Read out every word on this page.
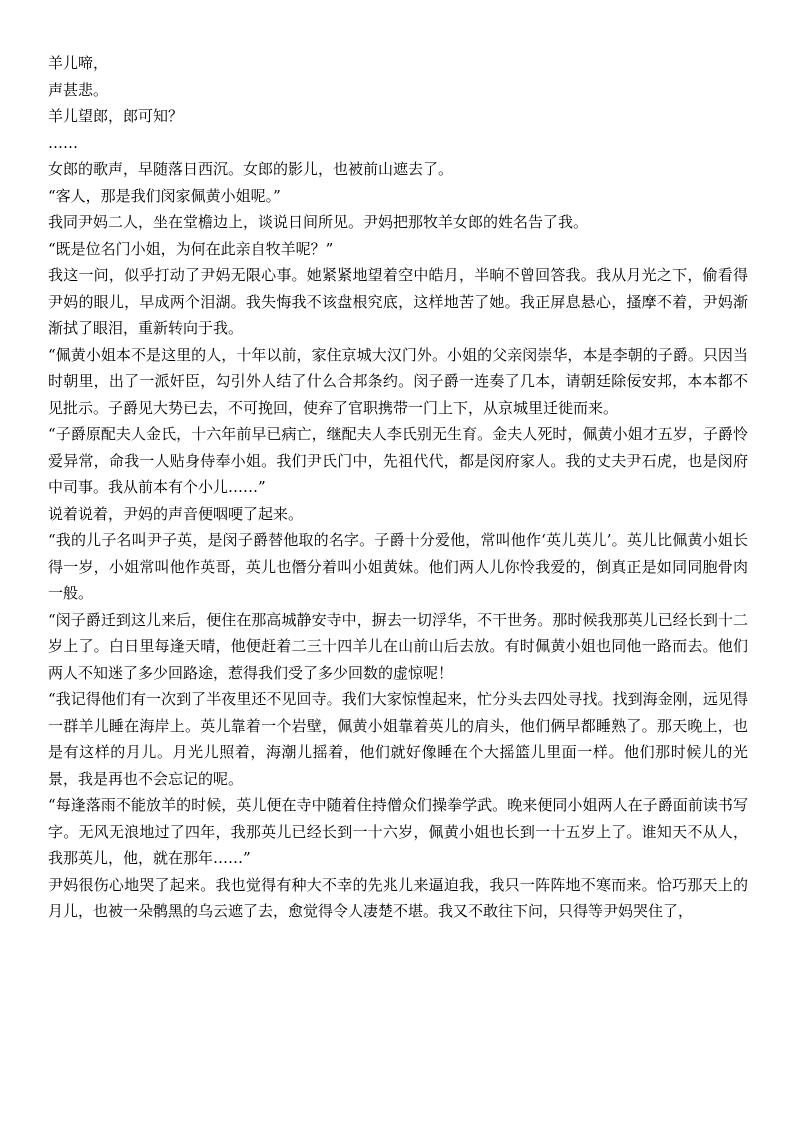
羊儿啼，

声甚悲。

羊儿望郎，郎可知？

……

女郎的歌声，早随落日西沉。女郎的影儿，也被前山遮去了。

“客人，那是我们闵家佩黄小姐呢。”

我同尹妈二人，坐在堂檐边上，谈说日间所见。尹妈把那牧羊女郎的姓名告了我。

“既是位名门小姐，为何在此亲自牧羊呢？”

我这一问，似乎打动了尹妈无限心事。她紧紧地望着空中皓月，半晌不曾回答我。我从月光之下，偷看得尹妈的眼儿，早成两个泪湖。我失悔我不该盘根究底，这样地苦了她。我正屏息悬心，搔摩不着，尹妈渐渐拭了眼泪，重新转向于我。

“佩黄小姐本不是这里的人，十年以前，家住京城大汉门外。小姐的父亲闵崇华，本是李朝的子爵。只因当时朝里，出了一派奸臣，勾引外人结了什么合邦条约。闵子爵一连奏了几本，请朝廷除佞安邦，本本都不见批示。子爵见大势已去，不可挽回，使弃了官职携带一门上下，从京城里迁徙而来。

“子爵原配夫人金氏，十六年前早已病亡，继配夫人李氏别无生育。金夫人死时，佩黄小姐才五岁，子爵怜爱异常，命我一人贴身侍奉小姐。我们尹氏门中，先祖代代，都是闵府家人。我的丈夫尹石虎，也是闵府中司事。我从前本有个小儿……”

说着说着，尹妈的声音便咽哽了起来。

“我的儿子名叫尹子英，是闵子爵替他取的名字。子爵十分爱他，常叫他作‘英儿英儿’。英儿比佩黄小姐长得一岁，小姐常叫他作英哥，英儿也僭分着叫小姐黄妹。他们两人儿你怜我爱的，倒真正是如同同胞骨肉一般。

“闵子爵迁到这儿来后，便住在那高城静安寺中，摒去一切浮华，不干世务。那时候我那英儿已经长到十二岁上了。白日里每逢天晴，他便赶着二三十四羊儿在山前山后去放。有时佩黄小姐也同他一路而去。他们两人不知迷了多少回路途，惹得我们受了多少回数的虚惊呢！

“我记得他们有一次到了半夜里还不见回寺。我们大家惊惶起来，忙分头去四处寻找。找到海金刚，远见得一群羊儿睡在海岸上。英儿靠着一个岩壁，佩黄小姐靠着英儿的肩头，他们俩早都睡熟了。那天晚上，也是有这样的月儿。月光儿照着，海潮儿摇着，他们就好像睡在个大摇篮儿里面一样。他们那时候儿的光景，我是再也不会忘记的呢。

“每逢落雨不能放羊的时候，英儿便在寺中随着住持僧众们操拳学武。晚来便同小姐两人在子爵面前读书写字。无风无浪地过了四年，我那英儿已经长到一十六岁，佩黄小姐也长到一十五岁上了。谁知天不从人，我那英儿，他，就在那年……”

尹妈很伤心地哭了起来。我也觉得有种大不幸的先兆儿来逼迫我，我只一阵阵地不寒而来。恰巧那天上的月儿，也被一朵鹘黑的乌云遮了去，愈觉得令人凄楚不堪。我又不敢往下问，只得等尹妈哭住了，
